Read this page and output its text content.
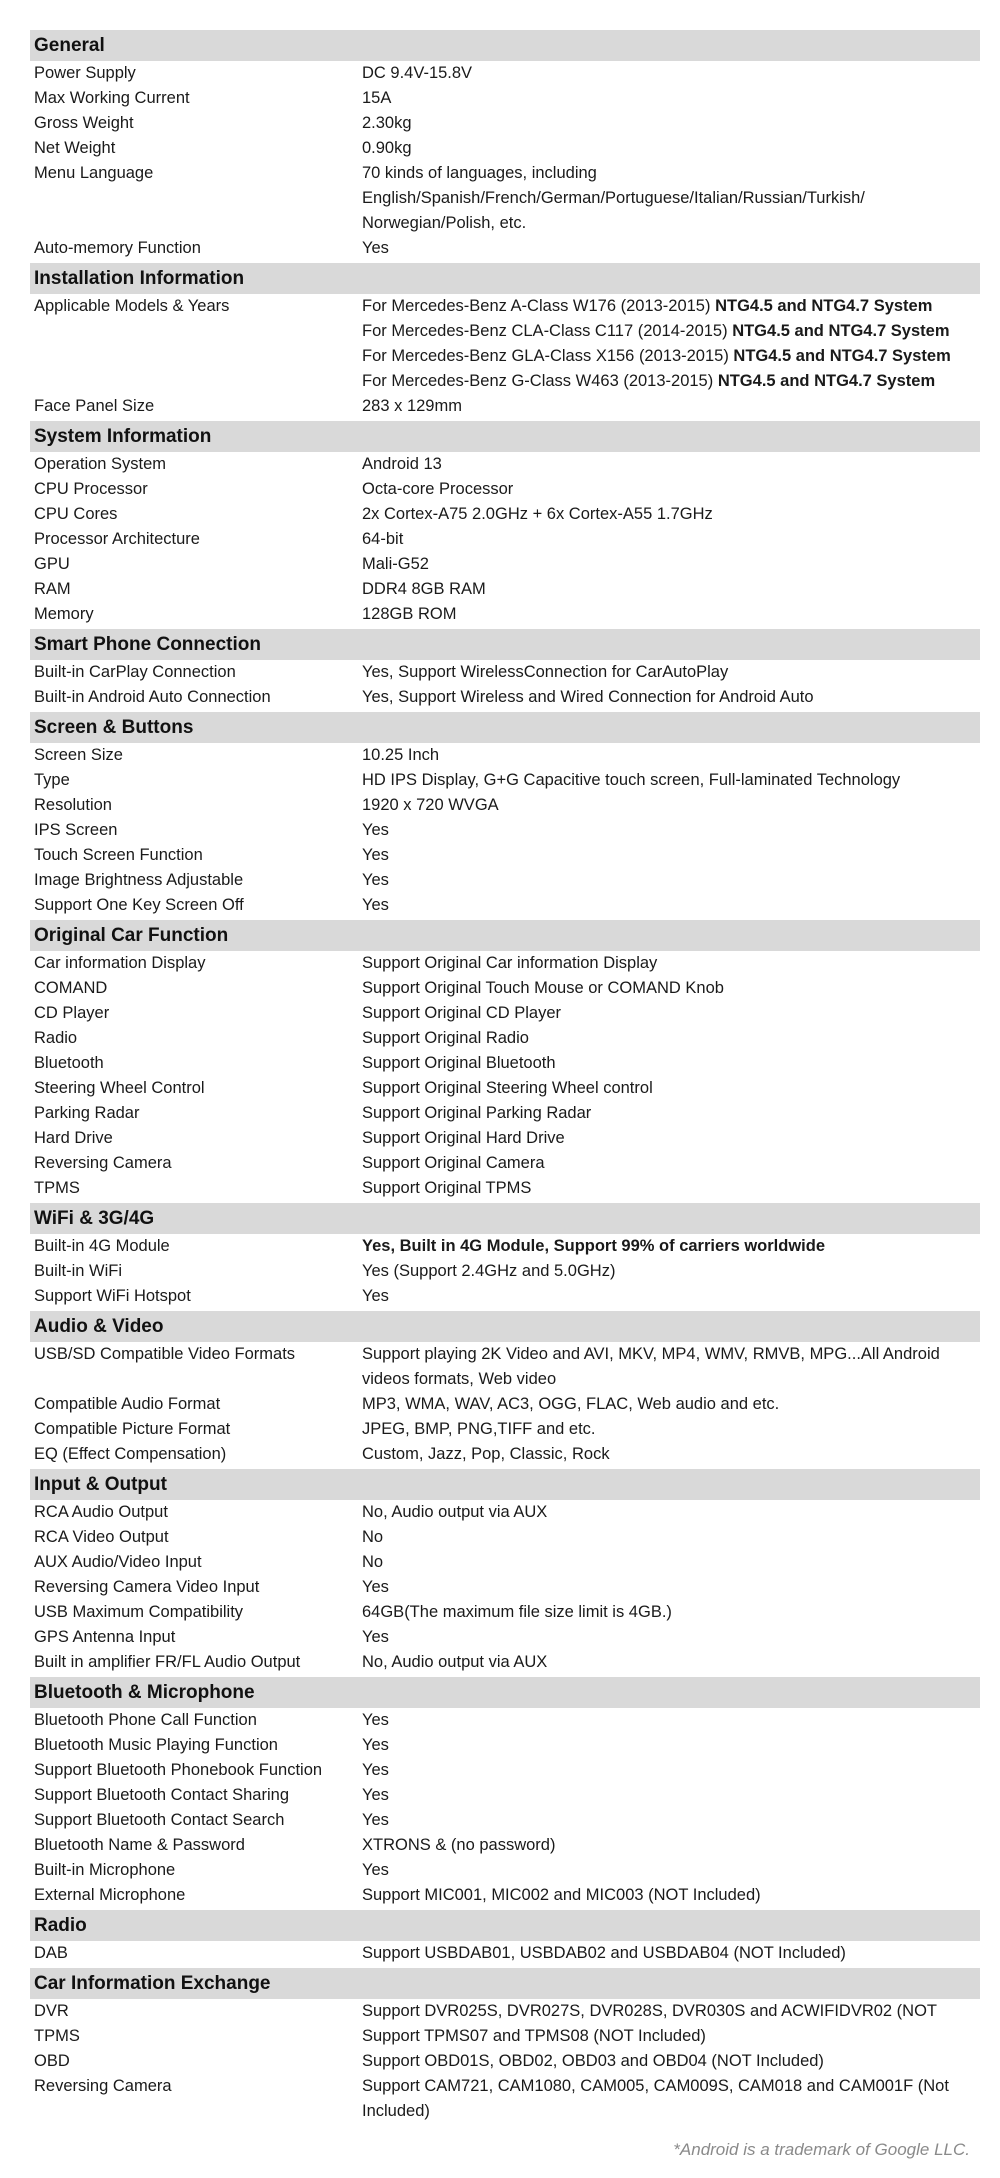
General
Power Supply	DC 9.4V-15.8V
Max Working Current	15A
Gross Weight	2.30kg
Net Weight	0.90kg
Menu Language	70 kinds of languages, including
English/Spanish/French/German/Portuguese/Italian/Russian/Turkish/
Norwegian/Polish, etc.
Auto-memory Function	Yes
Installation Information
Applicable Models & Years	For Mercedes-Benz A-Class W176 (2013-2015) NTG4.5 and NTG4.7 System
For Mercedes-Benz CLA-Class C117 (2014-2015) NTG4.5 and NTG4.7 System
For Mercedes-Benz GLA-Class X156 (2013-2015) NTG4.5 and NTG4.7 System
For Mercedes-Benz G-Class W463 (2013-2015) NTG4.5 and NTG4.7 System
Face Panel Size	283 x 129mm
System Information
Operation System	Android 13
CPU Processor	Octa-core Processor
CPU Cores	2x Cortex-A75 2.0GHz + 6x Cortex-A55 1.7GHz
Processor Architecture	64-bit
GPU	Mali-G52
RAM	DDR4 8GB RAM
Memory	128GB ROM
Smart Phone Connection
Built-in CarPlay Connection	Yes, Support WirelessConnection for CarAutoPlay
Built-in Android Auto Connection	Yes, Support Wireless and Wired Connection for Android Auto
Screen & Buttons
Screen Size	10.25 Inch
Type	HD IPS Display, G+G Capacitive touch screen, Full-laminated Technology
Resolution	1920 x 720 WVGA
IPS Screen	Yes
Touch Screen Function	Yes
Image Brightness Adjustable	Yes
Support One Key Screen Off	Yes
Original Car Function
Car information Display	Support Original Car information Display
COMAND	Support Original Touch Mouse or COMAND Knob
CD Player	Support Original CD Player
Radio	Support Original Radio
Bluetooth	Support Original Bluetooth
Steering Wheel Control	Support Original Steering Wheel control
Parking Radar	Support Original Parking Radar
Hard Drive	Support Original Hard Drive
Reversing Camera	Support Original Camera
TPMS	Support Original TPMS
WiFi & 3G/4G
Built-in 4G Module	Yes, Built in 4G Module, Support 99% of carriers worldwide
Built-in WiFi	Yes (Support 2.4GHz and 5.0GHz)
Support WiFi Hotspot	Yes
Audio & Video
USB/SD Compatible Video Formats	Support playing 2K Video and AVI, MKV, MP4, WMV, RMVB, MPG...All Android
videos formats, Web video
Compatible Audio Format	MP3, WMA, WAV, AC3, OGG, FLAC, Web audio and etc.
Compatible Picture Format	JPEG, BMP, PNG,TIFF and etc.
EQ (Effect Compensation)	Custom, Jazz, Pop, Classic, Rock
Input & Output
RCA Audio Output	No, Audio output via AUX
RCA Video Output	No
AUX Audio/Video Input	No
Reversing Camera Video Input	Yes
USB Maximum Compatibility	64GB(The maximum file size limit is 4GB.)
GPS Antenna Input	Yes
Built in amplifier FR/FL Audio Output	No, Audio output via AUX
Bluetooth & Microphone
Bluetooth Phone Call Function	Yes
Bluetooth Music Playing Function	Yes
Support Bluetooth Phonebook Function	Yes
Support Bluetooth Contact Sharing	Yes
Support Bluetooth Contact Search	Yes
Bluetooth Name & Password	XTRONS & (no password)
Built-in Microphone	Yes
External Microphone	Support MIC001, MIC002 and MIC003 (NOT Included)
Radio
DAB	Support USBDAB01, USBDAB02 and USBDAB04 (NOT Included)
Car Information Exchange
DVR	Support DVR025S, DVR027S, DVR028S, DVR030S and ACWIFIDVR02 (NOT
TPMS	Support TPMS07 and TPMS08 (NOT Included)
OBD	Support OBD01S, OBD02, OBD03 and OBD04 (NOT Included)
Reversing Camera	Support CAM721, CAM1080, CAM005, CAM009S, CAM018 and CAM001F (Not
Included)
*Android is a trademark of Google LLC.
